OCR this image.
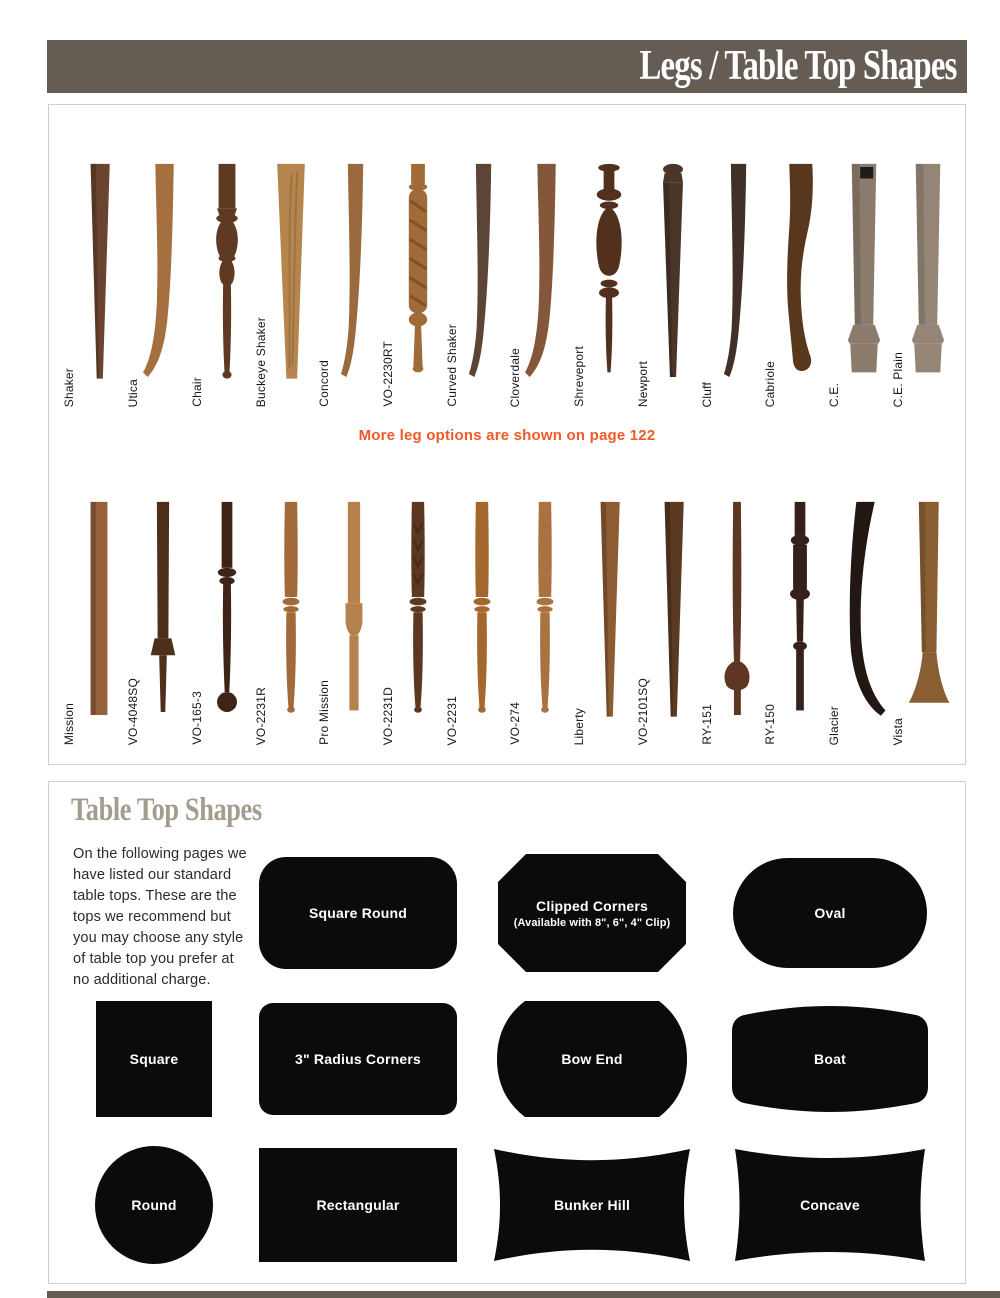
Legs / Table Top Shapes
Shaker	Utica	Chair	Buckeye Shaker	Concord	VO-2230RT	Curved Shaker	Cloverdale	Shreveport	Newport	Cluff	Cabriole	C.E.	C.E. Plain
More leg options are shown on page 122
Mission	VO-4048SQ	VO-165-3	VO-2231R	Pro Mission	VO-2231D	VO-2231	VO-274	Liberty	VO-2101SQ	RY-151	RY-150	Glacier	Vista
Table Top Shapes
On the following pages we have listed our standard table tops. These are the tops we recommend but you may choose any style of table top you prefer at no additional charge.
Square Round	Clipped Corners
(Available with 8", 6", 4" Clip)
Oval
Square	3" Radius Corners	Bow End	Boat
Round	Rectangular	Bunker Hill	Concave
